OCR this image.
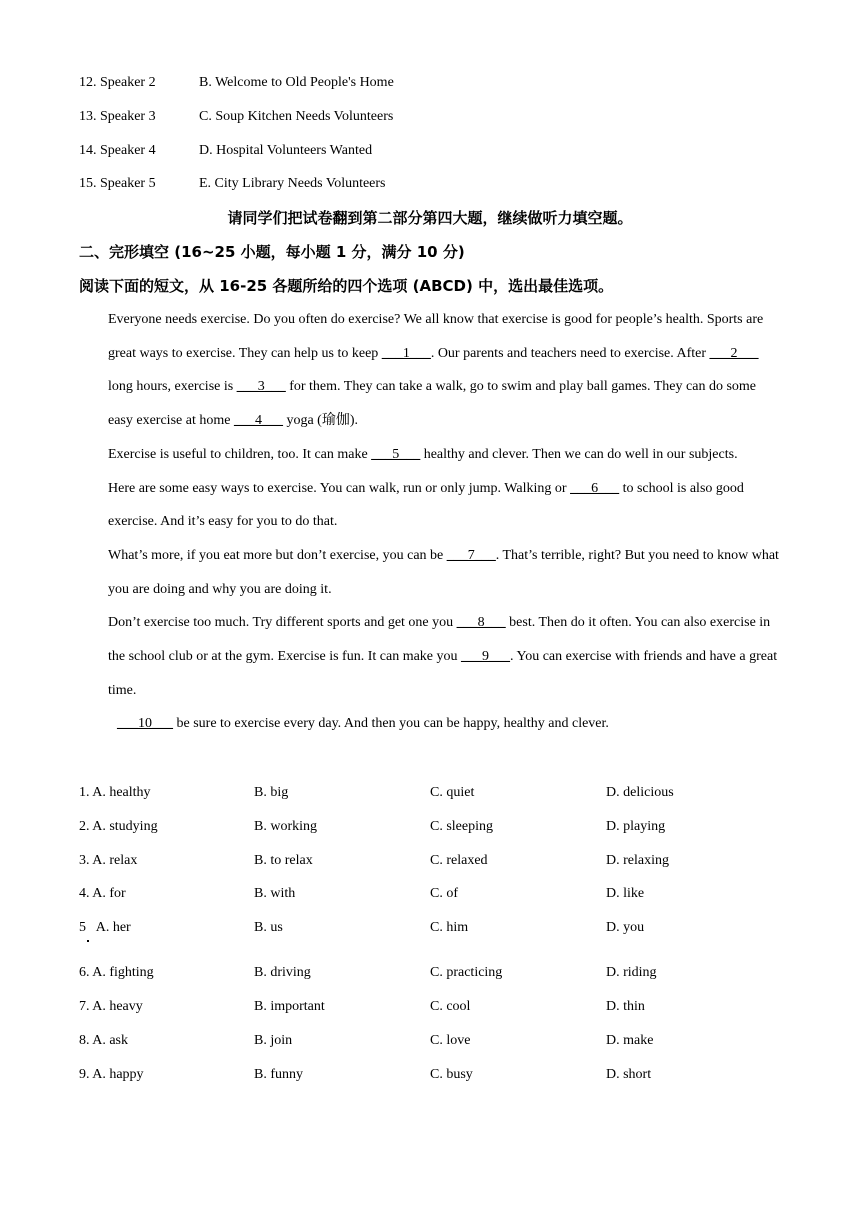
12. Speaker 2	B. Welcome to Old People's Home
13. Speaker 3	C. Soup Kitchen Needs Volunteers
14. Speaker 4	D. Hospital Volunteers Wanted
15. Speaker 5	E. City Library Needs Volunteers
请同学们把试卷翻到第二部分第四大题，继续做听力填空题。
二、完形填空 (16~25 小题，每小题 1 分，满分 10 分)
阅读下面的短文，从 16-25 各题所给的四个选项 (ABCD) 中，选出最佳选项。

Everyone needs exercise. Do you often do exercise? We all know that exercise is good for people’s health. Sports are great ways to exercise. They can help us to keep ___1___. Our parents and teachers need to exercise. After ___2___ long hours, exercise is ___3___ for them. They can take a walk, go to swim and play ball games. They can do some easy exercise at home ___4___ yoga (瑜伽).

Exercise is useful to children, too. It can make ___5___ healthy and clever. Then we can do well in our subjects.

Here are some easy ways to exercise. You can walk, run or only jump. Walking or ___6___ to school is also good exercise. And it’s easy for you to do that.

What’s more, if you eat more but don’t exercise, you can be ___7___. That’s terrible, right? But you need to know what you are doing and why you are doing it.

Don’t exercise too much. Try different sports and get one you ___8___ best. Then do it often. You can also exercise in the school club or at the gym. Exercise is fun. It can make you ___9___. You can exercise with friends and have a great time.

___10___ be sure to exercise every day. And then you can be happy, healthy and clever.

1. A. healthy	B. big	C. quiet	D. delicious
2. A. studying	B. working	C. sleeping	D. playing
3. A. relax	B. to relax	C. relaxed	D. relaxing
4. A. for	B. with	C. of	D. like
5   A. her	B. us	C. him	D. you
6. A. fighting	B. driving	C. practicing	D. riding
7. A. heavy	B. important	C. cool	D. thin
8. A. ask	B. join	C. love	D. make
9. A. happy	B. funny	C. busy	D. short
